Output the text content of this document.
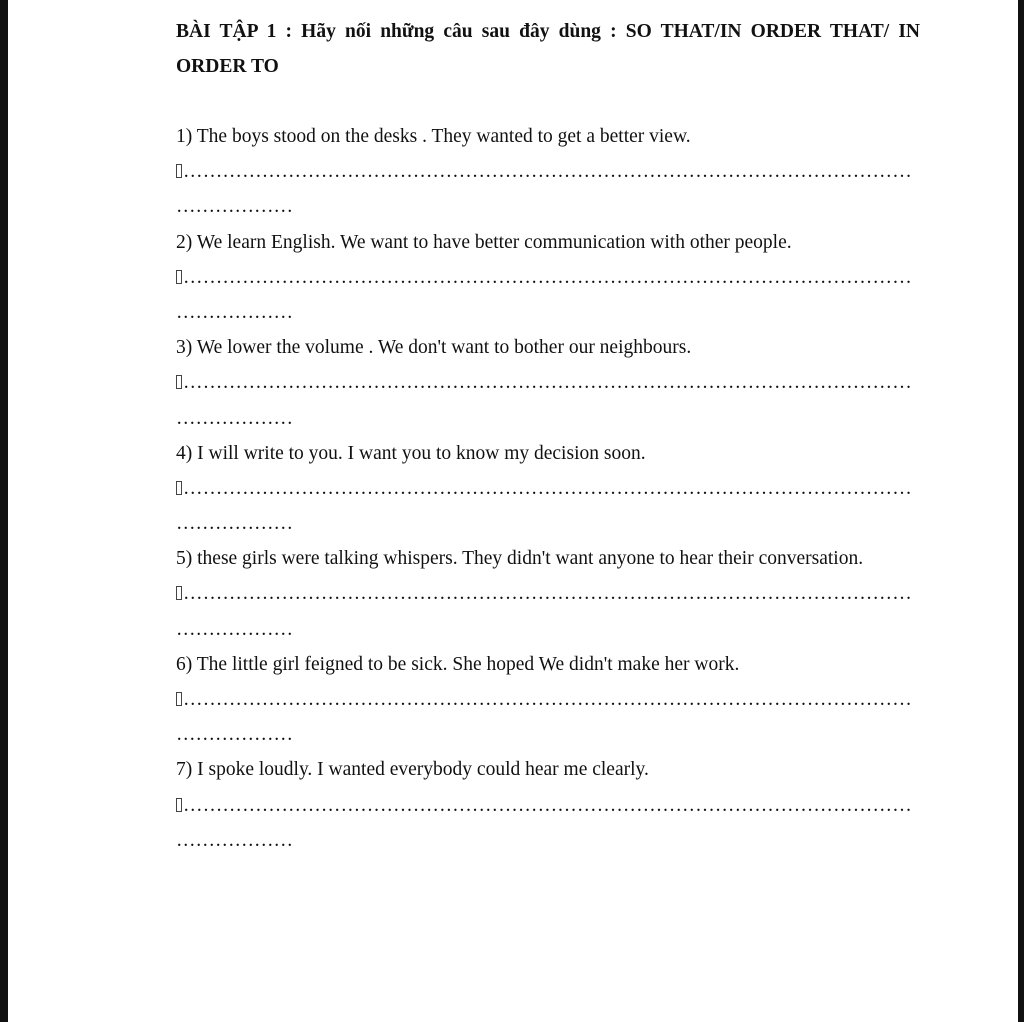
BÀI TẬP 1 : Hãy nối những câu sau đây dùng : SO THAT/IN ORDER THAT/ IN
ORDER TO

1) The boys stood on the desks . They wanted to get a better view.
…………………………………………………………………………………………………
………………
2) We learn English. We want to have better communication with other people.
…………………………………………………………………………………………………
………………
3) We lower the volume . We don't want to bother our neighbours.
…………………………………………………………………………………………………
………………
4) I will write to you. I want you to know my decision soon.
…………………………………………………………………………………………………
………………
5) these girls were talking whispers. They didn't want anyone to hear their conversation.
…………………………………………………………………………………………………
………………
6) The little girl feigned to be sick. She hoped We didn't make her work.
…………………………………………………………………………………………………
………………
7) I spoke loudly. I wanted everybody could hear me clearly.
…………………………………………………………………………………………………
………………
